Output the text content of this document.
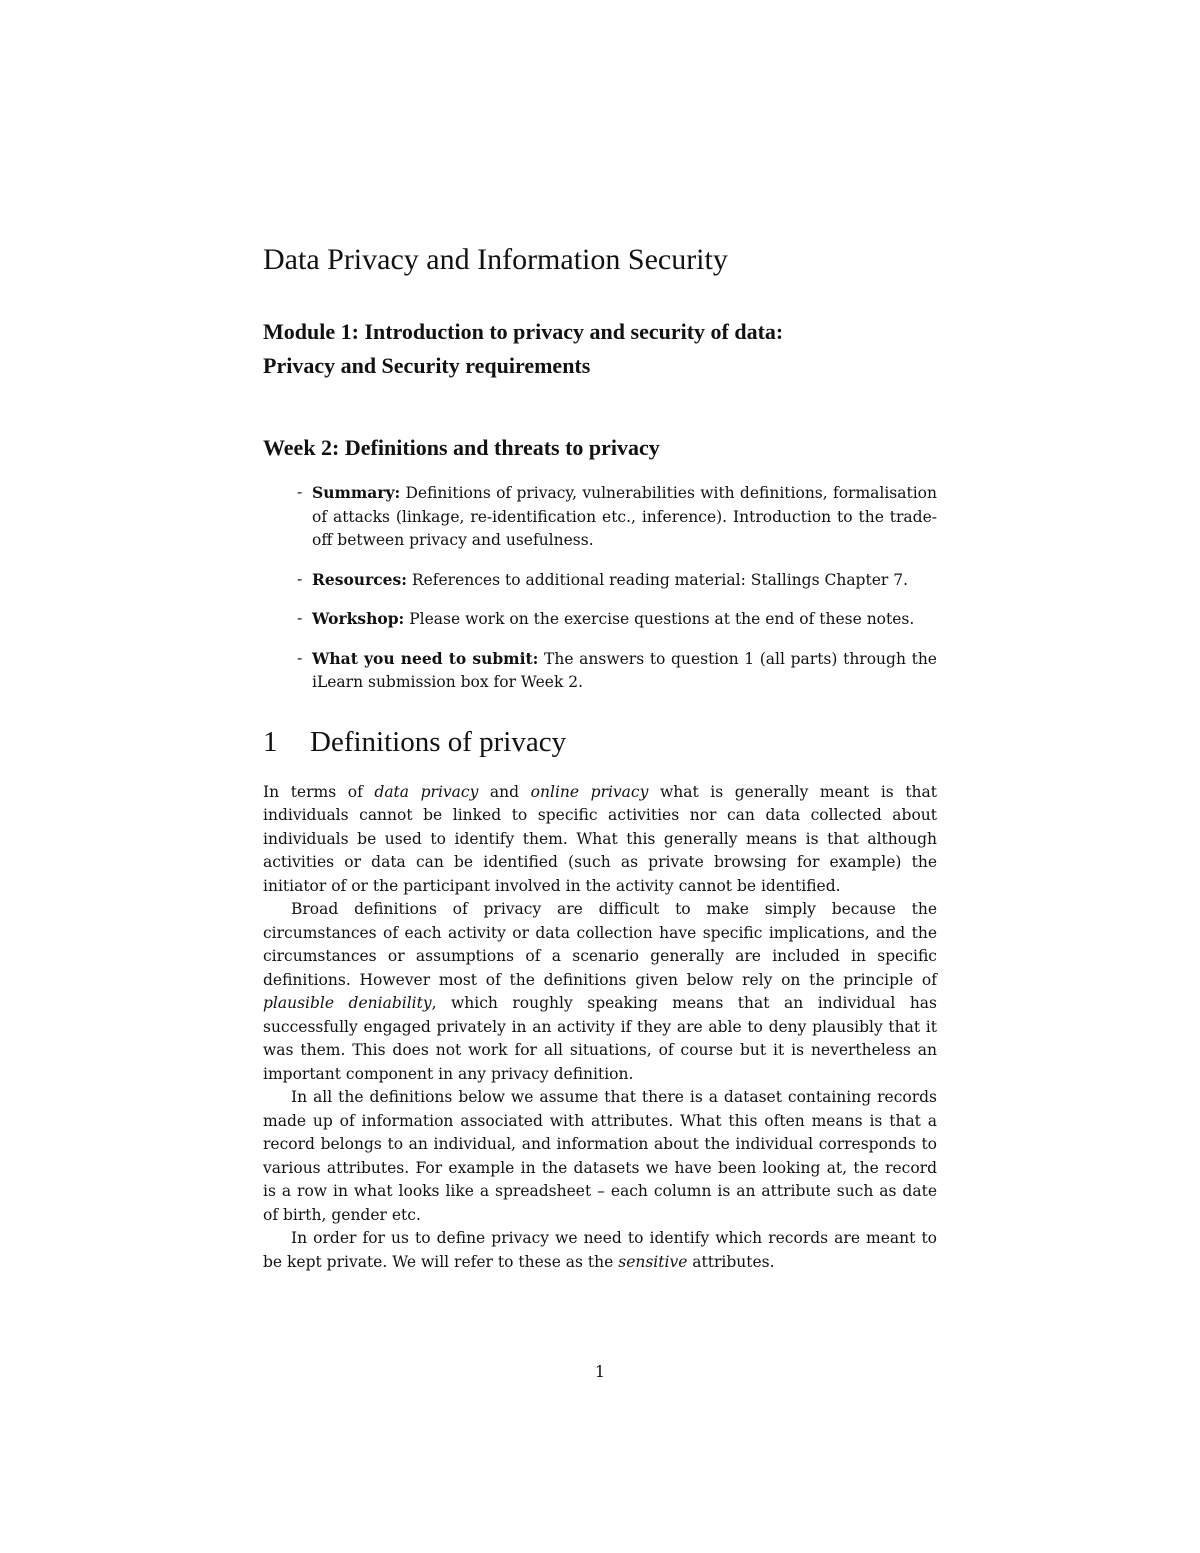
Data Privacy and Information Security
Module 1: Introduction to privacy and security of data:
Privacy and Security requirements
Week 2: Definitions and threats to privacy
- Summary: Definitions of privacy, vulnerabilities with definitions, formalisation of attacks (linkage, re-identification etc., inference). Introduction to the trade-off between privacy and usefulness.
- Resources: References to additional reading material: Stallings Chapter 7.
- Workshop: Please work on the exercise questions at the end of these notes.
- What you need to submit: The answers to question 1 (all parts) through the iLearn submission box for Week 2.
1 Definitions of privacy

In terms of data privacy and online privacy what is generally meant is that individuals cannot be linked to specific activities nor can data collected about individuals be used to identify them. What this generally means is that although activities or data can be identified (such as private browsing for example) the initiator of or the participant involved in the activity cannot be identified.

Broad definitions of privacy are difficult to make simply because the circumstances of each activity or data collection have specific implications, and the circumstances or assumptions of a scenario generally are included in specific definitions. However most of the definitions given below rely on the principle of plausible deniability, which roughly speaking means that an individual has successfully engaged privately in an activity if they are able to deny plausibly that it was them. This does not work for all situations, of course but it is nevertheless an important component in any privacy definition.

In all the definitions below we assume that there is a dataset containing records made up of information associated with attributes. What this often means is that a record belongs to an individual, and information about the individual corresponds to various attributes. For example in the datasets we have been looking at, the record is a row in what looks like a spreadsheet – each column is an attribute such as date of birth, gender etc.

In order for us to define privacy we need to identify which records are meant to be kept private. We will refer to these as the sensitive attributes.

1
